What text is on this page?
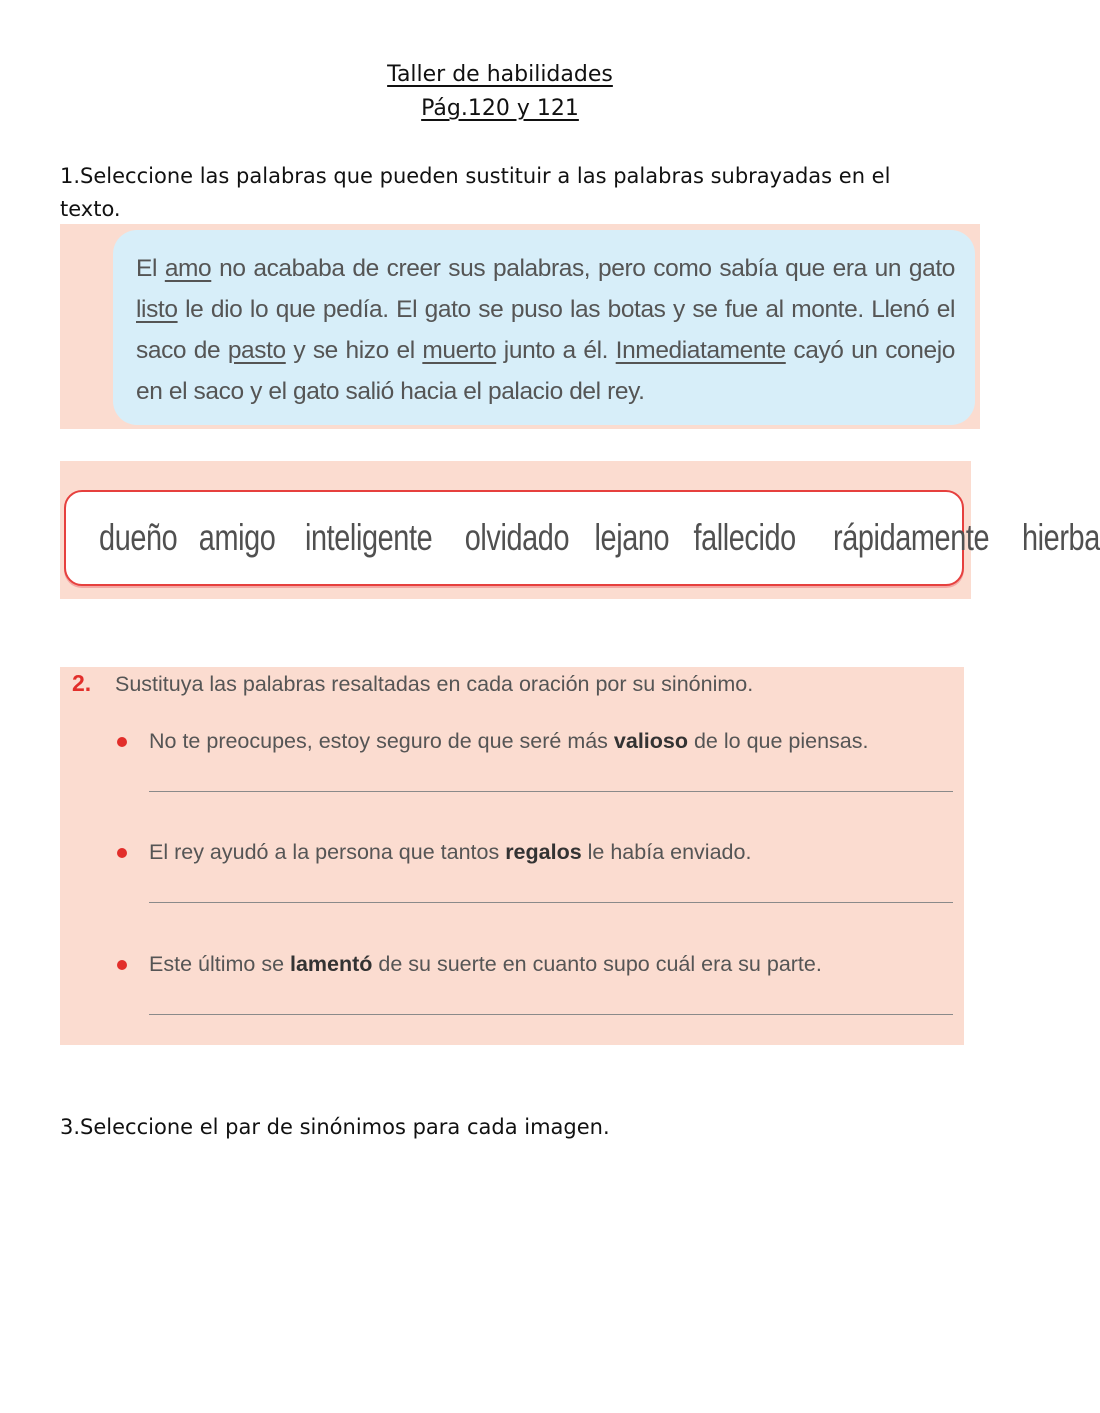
Taller de habilidades
Pág.120 y 121
1.Seleccione las palabras que pueden sustituir a las palabras subrayadas en el texto.

El amo no acababa de creer sus palabras, pero como sabía que era un gato listo le dio lo que pedía. El gato se puso las botas y se fue al monte. Llenó el saco de pasto y se hizo el muerto junto a él. Inmediatamente cayó un conejo en el saco y el gato salió hacia el palacio del rey.

dueño amigo inteligente olvidado lejano fallecido rápidamente hierba
2. Sustituya las palabras resaltadas en cada oración por su sinónimo.
No te preocupes, estoy seguro de que seré más valioso de lo que piensas.
El rey ayudó a la persona que tantos regalos le había enviado.
Este último se lamentó de su suerte en cuanto supo cuál era su parte.
3.Seleccione el par de sinónimos para cada imagen.
